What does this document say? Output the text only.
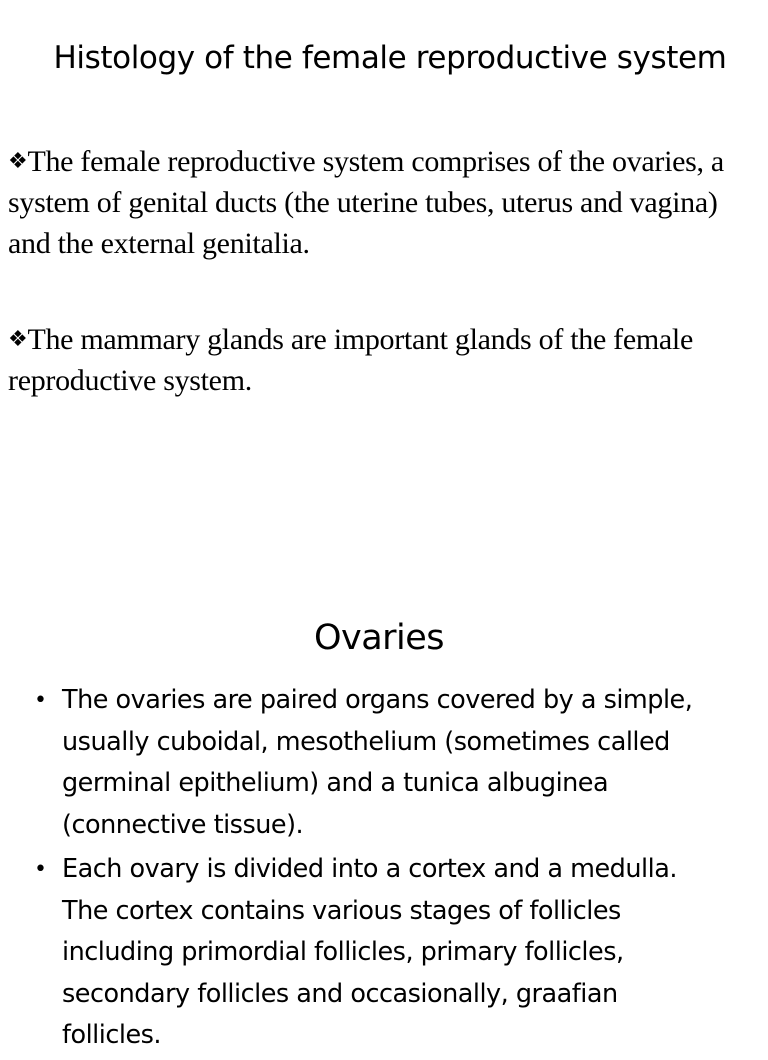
Histology of the female reproductive system

❖The female reproductive system comprises of the ovaries, a system of genital ducts (the uterine tubes, uterus and vagina) and the external genitalia.

❖The mammary glands are important glands of the female reproductive system.

Ovaries
• The ovaries are paired organs covered by a simple, usually cuboidal, mesothelium (sometimes called germinal epithelium) and a tunica albuginea (connective tissue).
• Each ovary is divided into a cortex and a medulla. The cortex contains various stages of follicles including primordial follicles, primary follicles, secondary follicles and occasionally, graafian follicles.
